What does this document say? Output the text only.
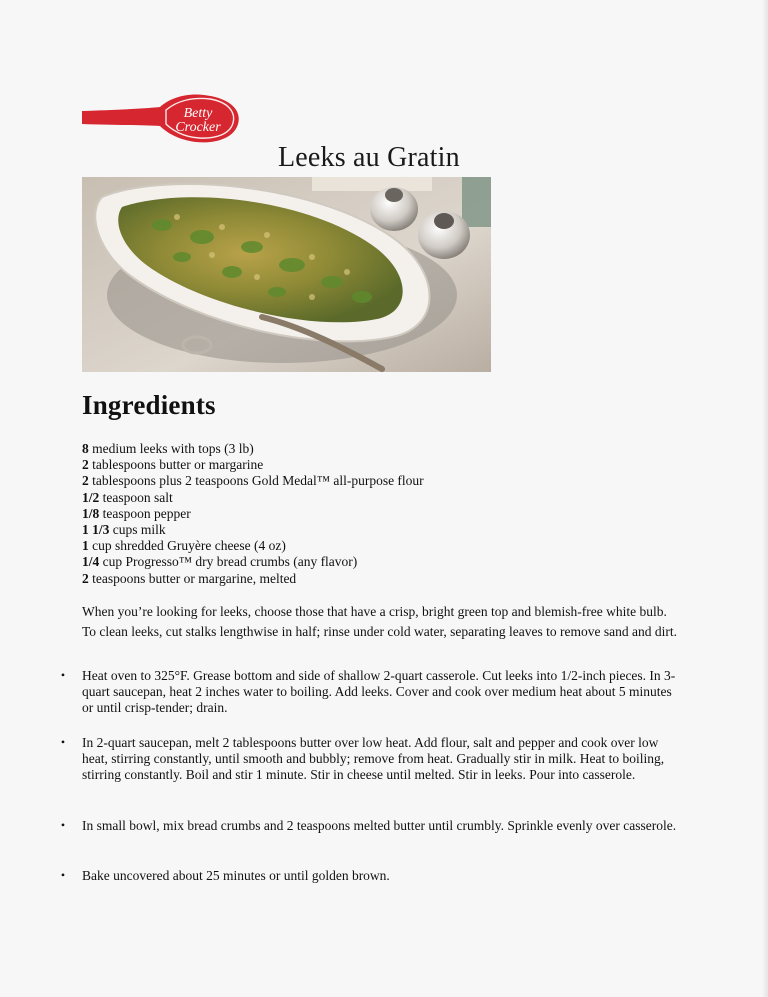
Betty
Crocker
Leeks au Gratin
Ingredients
8 medium leeks with tops (3 lb)
2 tablespoons butter or margarine
2 tablespoons plus 2 teaspoons Gold Medal™ all-purpose flour
1/2 teaspoon salt
1/8 teaspoon pepper
1 1/3 cups milk
1 cup shredded Gruyère cheese (4 oz)
1/4 cup Progresso™ dry bread crumbs (any flavor)
2 teaspoons butter or margarine, melted

When you’re looking for leeks, choose those that have a crisp, bright green top and blemish-free white bulb. To clean leeks, cut stalks lengthwise in half; rinse under cold water, separating leaves to remove sand and dirt.

• Heat oven to 325°F. Grease bottom and side of shallow 2-quart casserole. Cut leeks into 1/2-inch pieces. In 3-quart saucepan, heat 2 inches water to boiling. Add leeks. Cover and cook over medium heat about 5 minutes or until crisp-tender; drain.
• In 2-quart saucepan, melt 2 tablespoons butter over low heat. Add flour, salt and pepper and cook over low heat, stirring constantly, until smooth and bubbly; remove from heat. Gradually stir in milk. Heat to boiling, stirring constantly. Boil and stir 1 minute. Stir in cheese until melted. Stir in leeks. Pour into casserole.
• In small bowl, mix bread crumbs and 2 teaspoons melted butter until crumbly. Sprinkle evenly over casserole.
• Bake uncovered about 25 minutes or until golden brown.
